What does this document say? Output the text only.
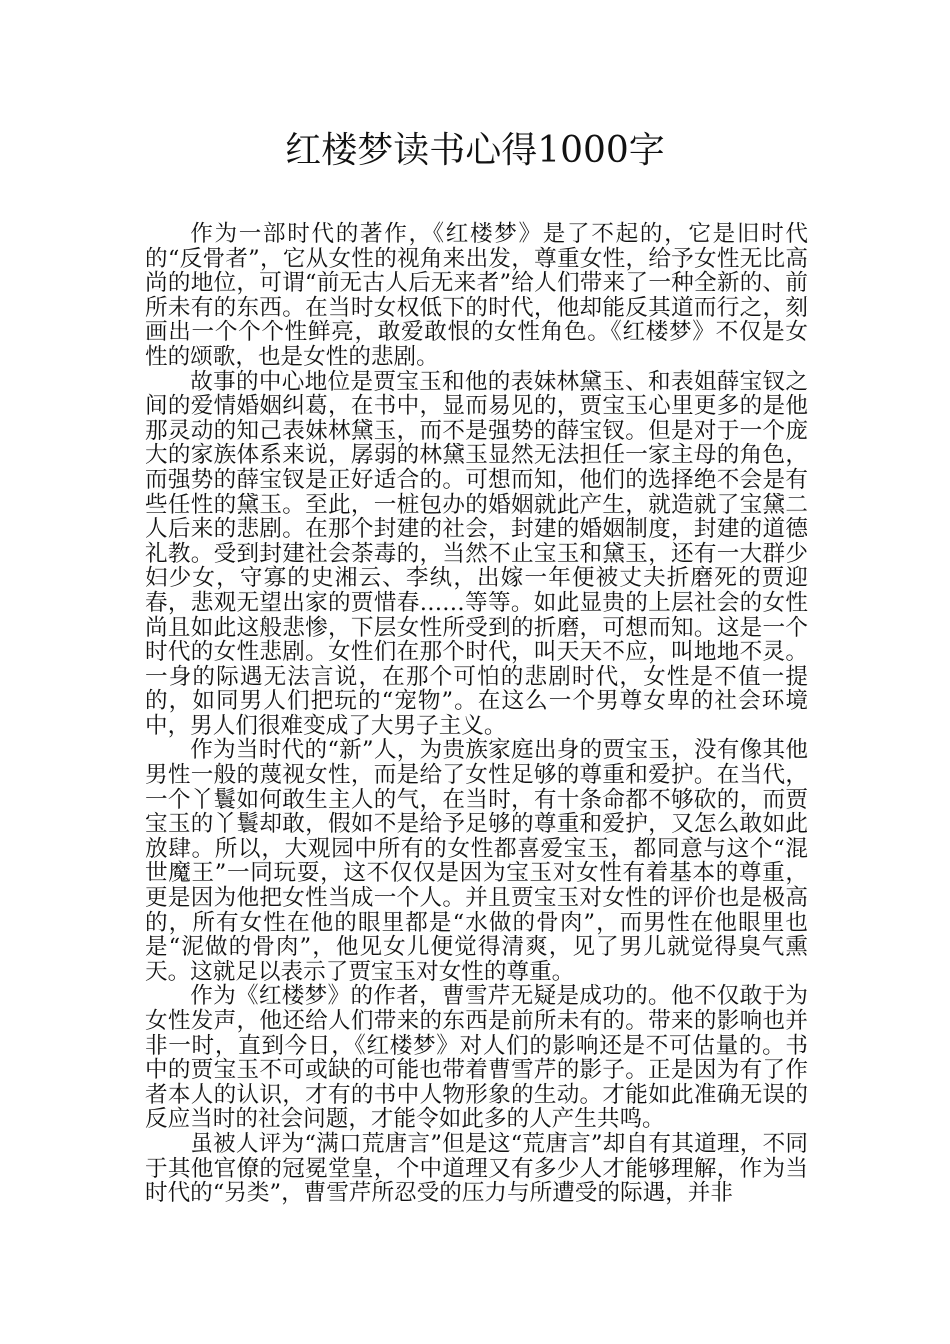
红楼梦读书心得1000字

作为一部时代的著作，《红楼梦》是了不起的，它是旧时代的“反骨者”，它从女性的视角来出发，尊重女性，给予女性无比高尚的地位，可谓“前无古人后无来者”给人们带来了一种全新的、前所未有的东西。在当时女权低下的时代，他却能反其道而行之，刻画出一个个个性鲜亮，敢爱敢恨的女性角色。《红楼梦》不仅是女性的颂歌，也是女性的悲剧。

故事的中心地位是贾宝玉和他的表妹林黛玉、和表姐薛宝钗之间的爱情婚姻纠葛，在书中，显而易见的，贾宝玉心里更多的是他那灵动的知己表妹林黛玉，而不是强势的薛宝钗。但是对于一个庞大的家族体系来说，孱弱的林黛玉显然无法担任一家主母的角色，而强势的薛宝钗是正好适合的。可想而知，他们的选择绝不会是有些任性的黛玉。至此，一桩包办的婚姻就此产生，就造就了宝黛二人后来的悲剧。在那个封建的社会，封建的婚姻制度，封建的道德礼教。受到封建社会荼毒的，当然不止宝玉和黛玉，还有一大群少妇少女，守寡的史湘云、李纨，出嫁一年便被丈夫折磨死的贾迎春，悲观无望出家的贾惜春……等等。如此显贵的上层社会的女性尚且如此这般悲惨，下层女性所受到的折磨，可想而知。这是一个时代的女性悲剧。女性们在那个时代，叫天天不应，叫地地不灵。一身的际遇无法言说，在那个可怕的悲剧时代，女性是不值一提的，如同男人们把玩的“宠物”。在这么一个男尊女卑的社会环境中，男人们很难变成了大男子主义。

作为当时代的“新”人，为贵族家庭出身的贾宝玉，没有像其他男性一般的蔑视女性，而是给了女性足够的尊重和爱护。在当代，一个丫鬟如何敢生主人的气，在当时，有十条命都不够砍的，而贾宝玉的丫鬟却敢，假如不是给予足够的尊重和爱护，又怎么敢如此放肆。所以，大观园中所有的女性都喜爱宝玉，都同意与这个“混世魔王”一同玩耍，这不仅仅是因为宝玉对女性有着基本的尊重，更是因为他把女性当成一个人。并且贾宝玉对女性的评价也是极高的，所有女性在他的眼里都是“水做的骨肉”，而男性在他眼里也是“泥做的骨肉”，他见女儿便觉得清爽，见了男儿就觉得臭气熏天。这就足以表示了贾宝玉对女性的尊重。

作为《红楼梦》的作者，曹雪芹无疑是成功的。他不仅敢于为女性发声，他还给人们带来的东西是前所未有的。带来的影响也并非一时，直到今日，《红楼梦》对人们的影响还是不可估量的。书中的贾宝玉不可或缺的可能也带着曹雪芹的影子。正是因为有了作者本人的认识，才有的书中人物形象的生动。才能如此准确无误的反应当时的社会问题，才能令如此多的人产生共鸣。

虽被人评为“满口荒唐言”但是这“荒唐言”却自有其道理，不同于其他官僚的冠冕堂皇，个中道理又有多少人才能够理解，作为当时代的“另类”，曹雪芹所忍受的压力与所遭受的际遇，并非
